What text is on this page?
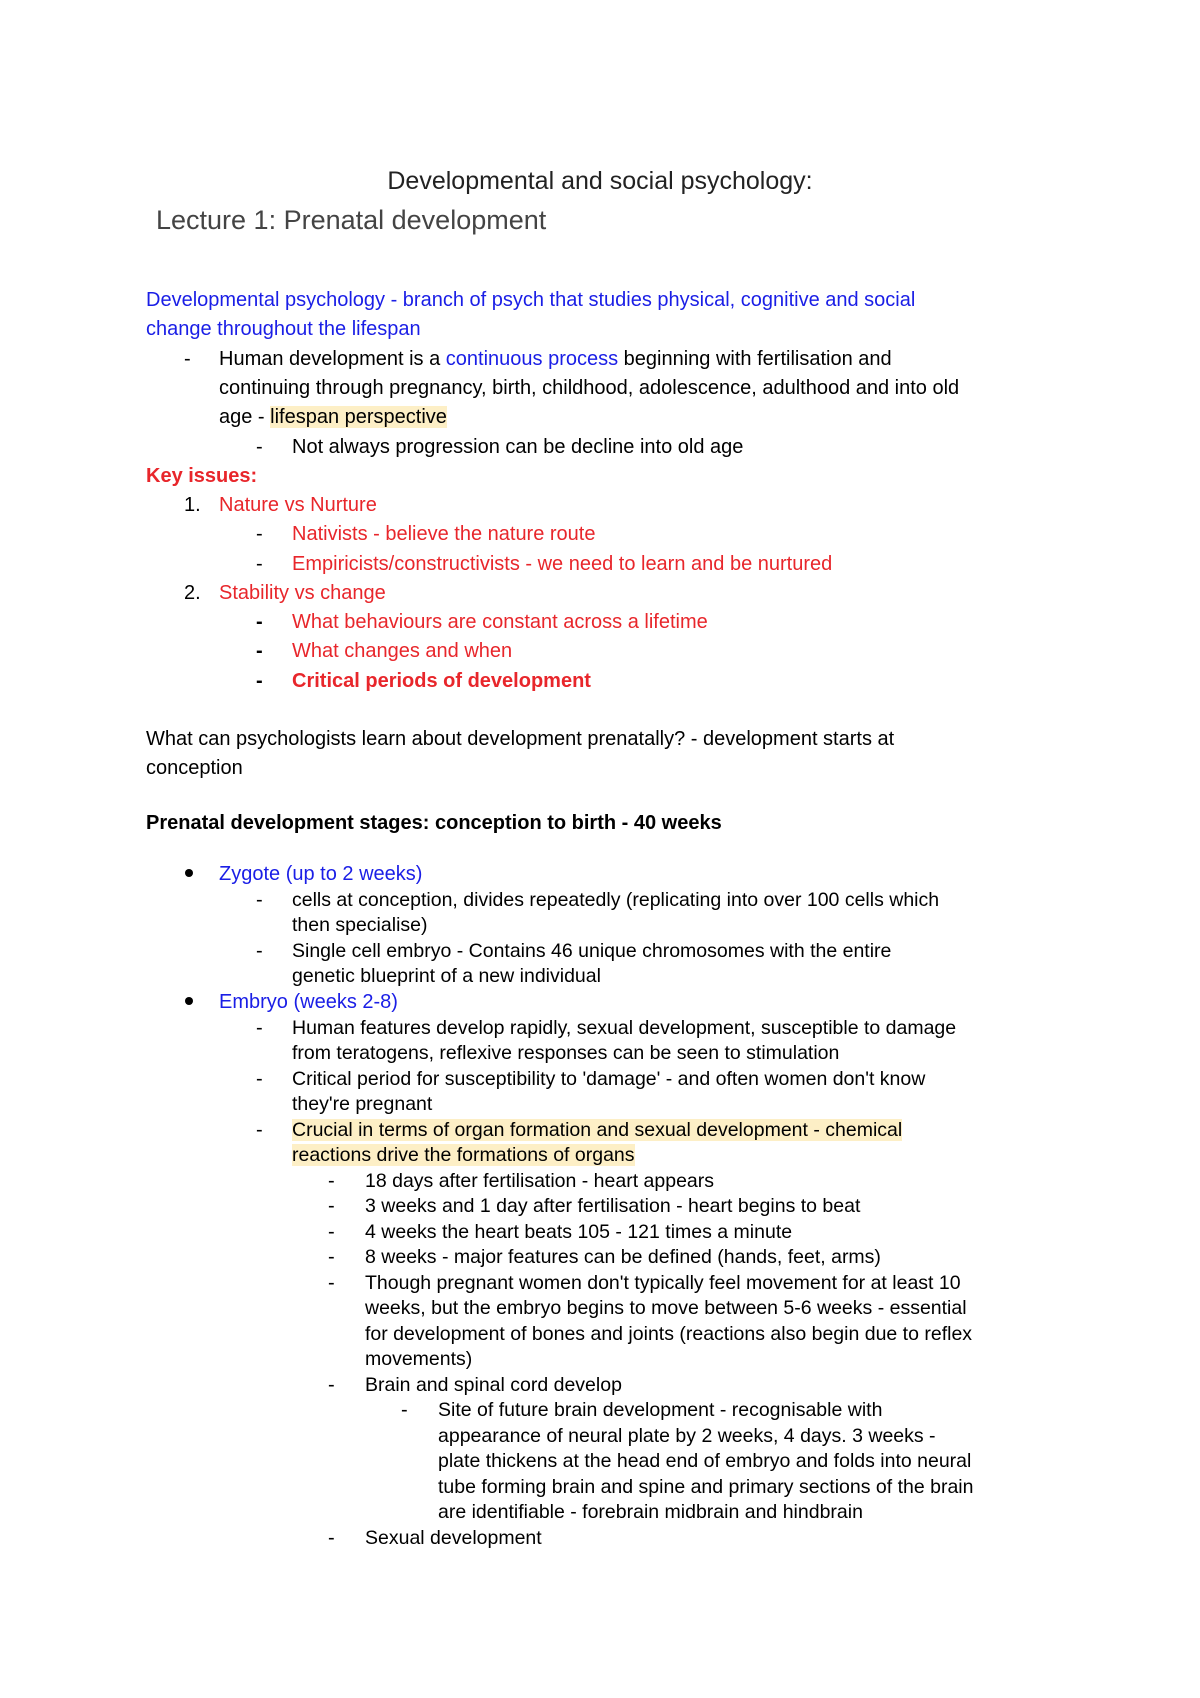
Developmental and social psychology:
Lecture 1: Prenatal development
Developmental psychology - branch of psych that studies physical, cognitive and social
change throughout the lifespan
- Human development is a continuous process beginning with fertilisation and
continuing through pregnancy, birth, childhood, adolescence, adulthood and into old
age - lifespan perspective
- Not always progression can be decline into old age
Key issues:
1. Nature vs Nurture
- Nativists - believe the nature route
- Empiricists/constructivists - we need to learn and be nurtured
2. Stability vs change
- What behaviours are constant across a lifetime
- What changes and when
- Critical periods of development
What can psychologists learn about development prenatally? - development starts at
conception
Prenatal development stages: conception to birth - 40 weeks
Zygote (up to 2 weeks)
- cells at conception, divides repeatedly (replicating into over 100 cells which
then specialise)
- Single cell embryo - Contains 46 unique chromosomes with the entire
genetic blueprint of a new individual
Embryo (weeks 2-8)
- Human features develop rapidly, sexual development, susceptible to damage
from teratogens, reflexive responses can be seen to stimulation
- Critical period for susceptibility to 'damage' - and often women don't know
they're pregnant
- Crucial in terms of organ formation and sexual development - chemical
reactions drive the formations of organs
- 18 days after fertilisation - heart appears
- 3 weeks and 1 day after fertilisation - heart begins to beat
- 4 weeks the heart beats 105 - 121 times a minute
- 8 weeks - major features can be defined (hands, feet, arms)
- Though pregnant women don't typically feel movement for at least 10
weeks, but the embryo begins to move between 5-6 weeks - essential
for development of bones and joints (reactions also begin due to reflex
movements)
- Brain and spinal cord develop
- Site of future brain development - recognisable with
appearance of neural plate by 2 weeks, 4 days. 3 weeks -
plate thickens at the head end of embryo and folds into neural
tube forming brain and spine and primary sections of the brain
are identifiable - forebrain midbrain and hindbrain
- Sexual development
